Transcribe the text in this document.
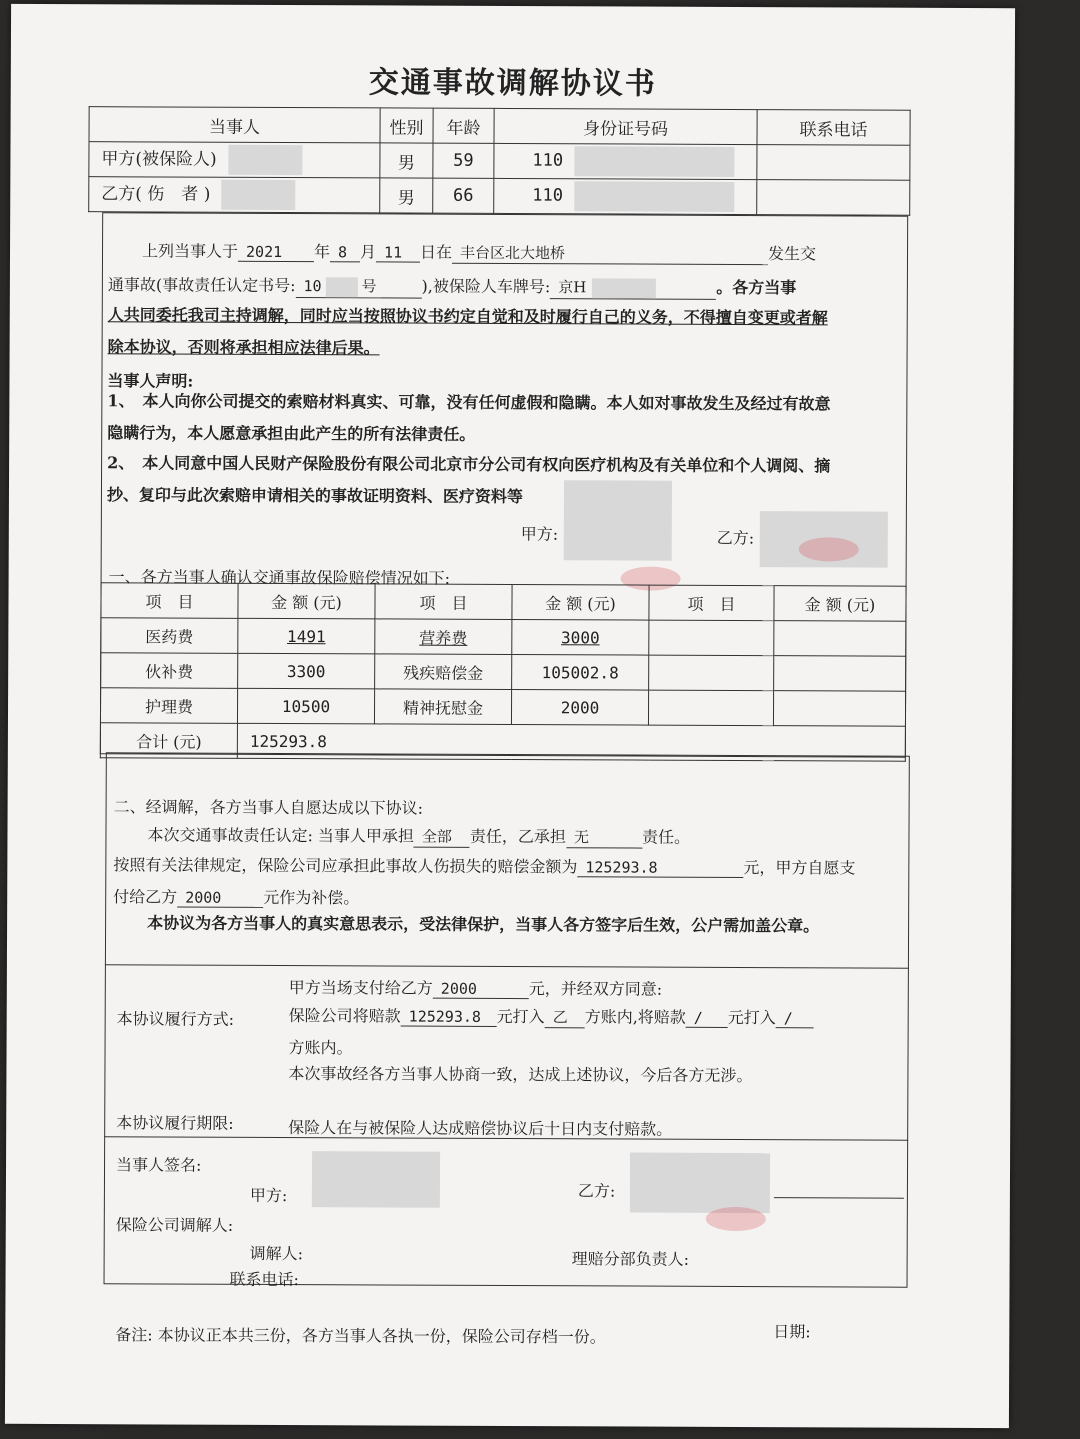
交通事故调解协议书
当事人	性别	年龄	身份证号码	联系电话
甲方(被保险人)	男	59	110	
乙方( 伤　者 )	男	66	110	
上列当事人于 2021 年 8 月 11 日在 丰台区北大地桥	发生交
通事故(事故责任认定书号: 10	号	),被保险人车牌号: 京H	。各方当事
人共同委托我司主持调解，同时应当按照协议书约定自觉和及时履行自己的义务，不得擅自变更或者解
除本协议，否则将承担相应法律后果。
当事人声明:
1、　本人向你公司提交的索赔材料真实、可靠，没有任何虚假和隐瞒。本人如对事故发生及经过有故意
隐瞒行为，本人愿意承担由此产生的所有法律责任。
2、　本人同意中国人民财产保险股份有限公司北京市分公司有权向医疗机构及有关单位和个人调阅、摘
抄、复印与此次索赔申请相关的事故证明资料、医疗资料等
甲方:	乙方:
一、各方当事人确认交通事故保险赔偿情况如下:
项　目	金 额 (元)	项　目	金 额 (元)	项　目	金 额 (元)
医药费	1491	营养费	3000		
伙补费	3300	残疾赔偿金	105002.8		
护理费	10500	精神抚慰金	2000		
合计 (元)	125293.8				
二、经调解，各方当事人自愿达成以下协议:
本次交通事故责任认定: 当事人甲承担 全部 责任，乙承担 无	责任。
按照有关法律规定，保险公司应承担此事故人伤损失的赔偿金额为 125293.8	元，甲方自愿支
付给乙方 2000	元作为补偿。
本协议为各方当事人的真实意思表示，受法律保护，当事人各方签字后生效，公户需加盖公章。
本协议履行方式:
甲方当场支付给乙方 2000	元，并经双方同意:
保险公司将赔款 125293.8 元打入 乙 方账内,将赔款 / 元打入 /
方账内。
本次事故经各方当事人协商一致，达成上述协议，今后各方无涉。
本协议履行期限:	保险人在与被保险人达成赔偿协议后十日内支付赔款。
当事人签名:
甲方:	乙方:
保险公司调解人:
调解人:	理赔分部负责人:
联系电话:
备注: 本协议正本共三份，各方当事人各执一份，保险公司存档一份。	日期:
